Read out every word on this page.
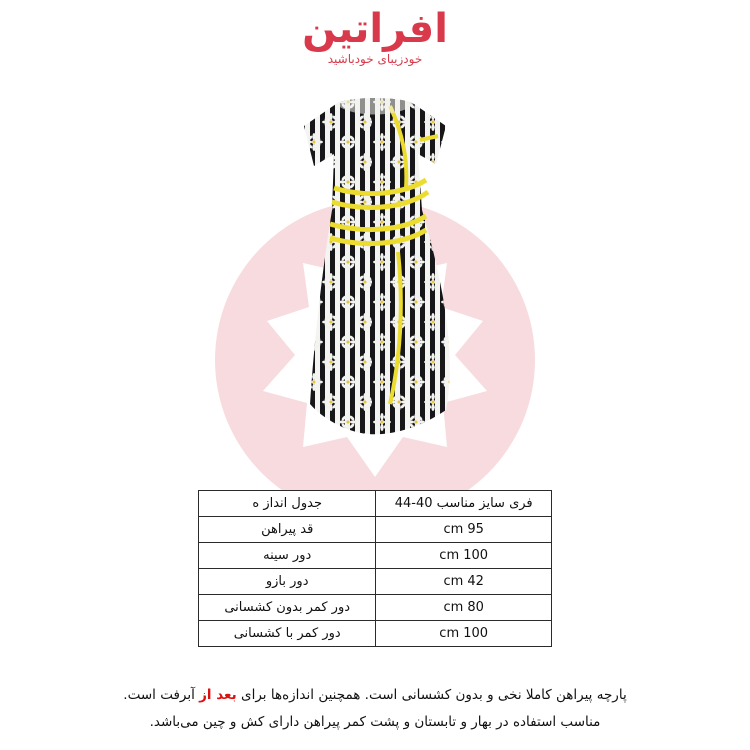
افراتین
خودزیبای خودباشید
فری سایز مناسب 40-44	جدول انداز ه
95 cm	قد پیراهن
100 cm	دور سینه
42 cm	دور بازو
80 cm	دور کمر بدون کشسانی
100 cm	دور کمر با کشسانی
پارچه پیراهن کاملا نخی و بدون کشسانی است. همچنین اندازه‌ها برای بعد از آبرفت است.
مناسب استفاده در بهار و تابستان و پشت کمر پیراهن دارای کش و چین می‌باشد.
